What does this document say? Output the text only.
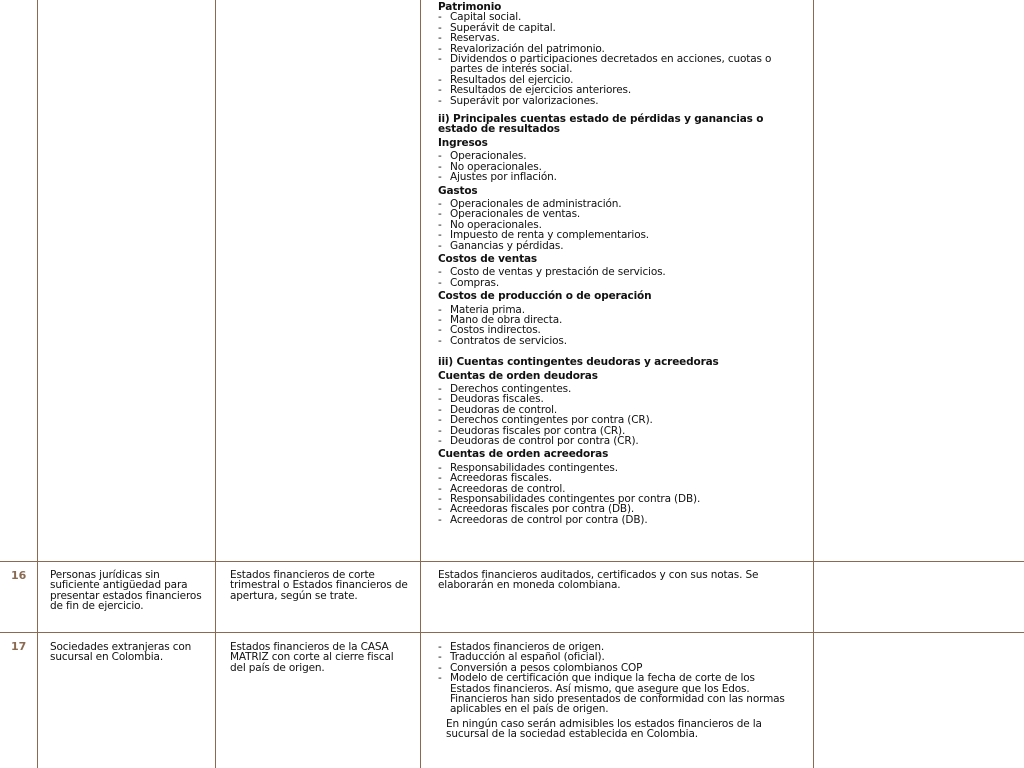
Patrimonio

- Capital social.
- Superávit de capital.
- Reservas.
- Revalorización del patrimonio.
- Dividendos o participaciones decretados en acciones, cuotas o partes de interés social.
- Resultados del ejercicio.
- Resultados de ejercicios anteriores.
- Superávit por valorizaciones.

ii) Principales cuentas estado de pérdidas y ganancias o estado de resultados

Ingresos

- Operacionales.
- No operacionales.
- Ajustes por inflación.

Gastos

- Operacionales de administración.
- Operacionales de ventas.
- No operacionales.
- Impuesto de renta y complementarios.
- Ganancias y pérdidas.

Costos de ventas

- Costo de ventas y prestación de servicios.
- Compras.

Costos de producción o de operación

- Materia prima.
- Mano de obra directa.
- Costos indirectos.
- Contratos de servicios.

iii) Cuentas contingentes deudoras y acreedoras

Cuentas de orden deudoras

- Derechos contingentes.
- Deudoras fiscales.
- Deudoras de control.
- Derechos contingentes por contra (CR).
- Deudoras fiscales por contra (CR).
- Deudoras de control por contra (CR).

Cuentas de orden acreedoras

- Responsabilidades contingentes.
- Acreedoras fiscales.
- Acreedoras de control.
- Responsabilidades contingentes por contra (DB).
- Acreedoras fiscales por contra (DB).
- Acreedoras de control por contra (DB).
16 Personas jurídicas sin suficiente antigüedad para presentar estados financieros de fin de ejercicio.

Estados financieros de corte trimestral o Estados financieros de apertura, según se trate.

Estados financieros auditados, certificados y con sus notas. Se elaborarán en moneda colombiana.

17 Sociedades extranjeras con sucursal en Colombia.

Estados financieros de la CASA MATRIZ con corte al cierre fiscal del país de origen.

- Estados financieros de origen.
- Traducción al español (oficial).
- Conversión a pesos colombianos COP
- Modelo de certificación que indique la fecha de corte de los Estados financieros. Así mismo, que asegure que los Edos. Financieros han sido presentados de conformidad con las normas aplicables en el país de origen.

En ningún caso serán admisibles los estados financieros de la sucursal de la sociedad establecida en Colombia.
